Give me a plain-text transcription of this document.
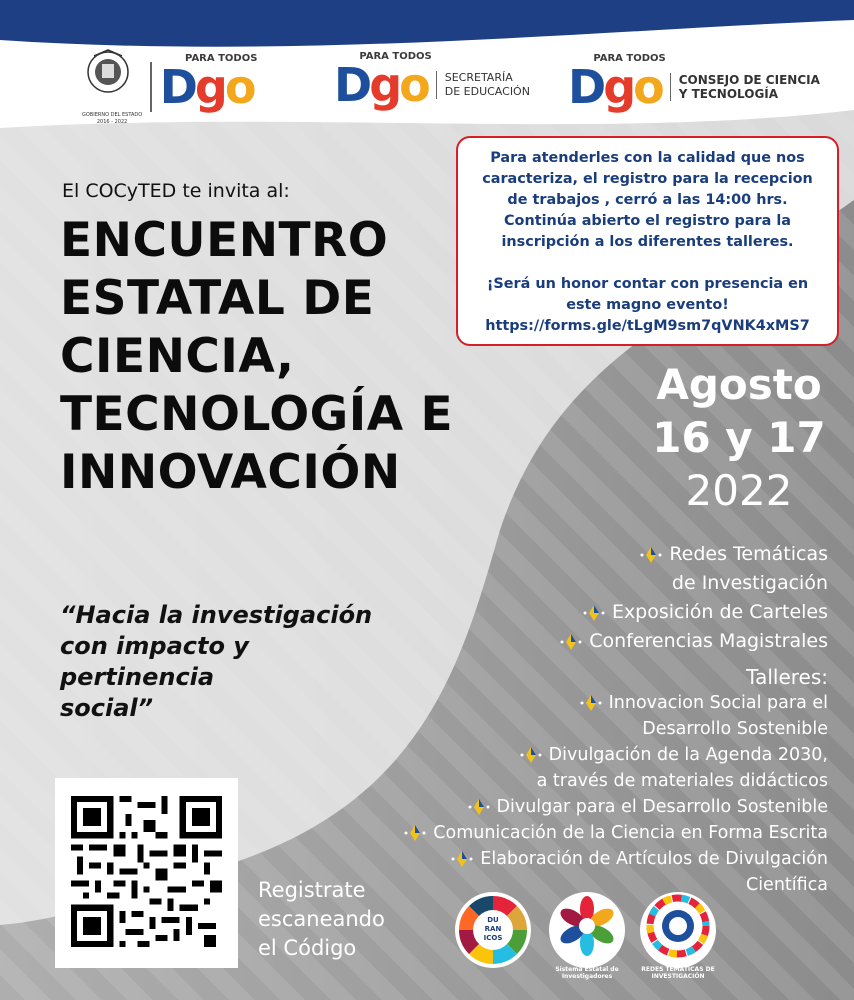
GOBIERNO DEL ESTADO
2016 - 2022
Dgo
PARA TODOS Dgo
PARA TODOS
SECRETARÍA
DE EDUCACIÓN Dgo
PARA TODOS
CONSEJO DE CIENCIA
Y TECNOLOGÍA

Para atenderles con la calidad que nos

caracteriza, el registro para la recepcion

de trabajos , cerró a las 14:00 hrs.

Continúa abierto el registro para la

inscripción a los diferentes talleres.

¡Será un honor contar con presencia en

este magno evento!

https://forms.gle/tLgM9sm7qVNK4xMS7

El COCyTED te invita al:
ENCUENTRO
ESTATAL DE
CIENCIA,
TECNOLOGÍA E
INNOVACIÓN
“Hacia la investigación
con impacto y
pertinencia
social”
Agosto
16 y 17
2022
Redes Temáticas
de Investigación
Exposición de Carteles
Conferencias Magistrales
Talleres:
Innovacion Social para el
Desarrollo Sostenible
Divulgación de la Agenda 2030,
a través de materiales didácticos
Divulgar para el Desarrollo Sostenible
Comunicación de la Ciencia en Forma Escrita
Elaboración de Artículos de Divulgación
Científica
Registrate
escaneando
el Código
DU
RAN
ICOS
Sistema Estatal de
Investigadores
REDES TEMÁTICAS DE
INVESTIGACIÓN
